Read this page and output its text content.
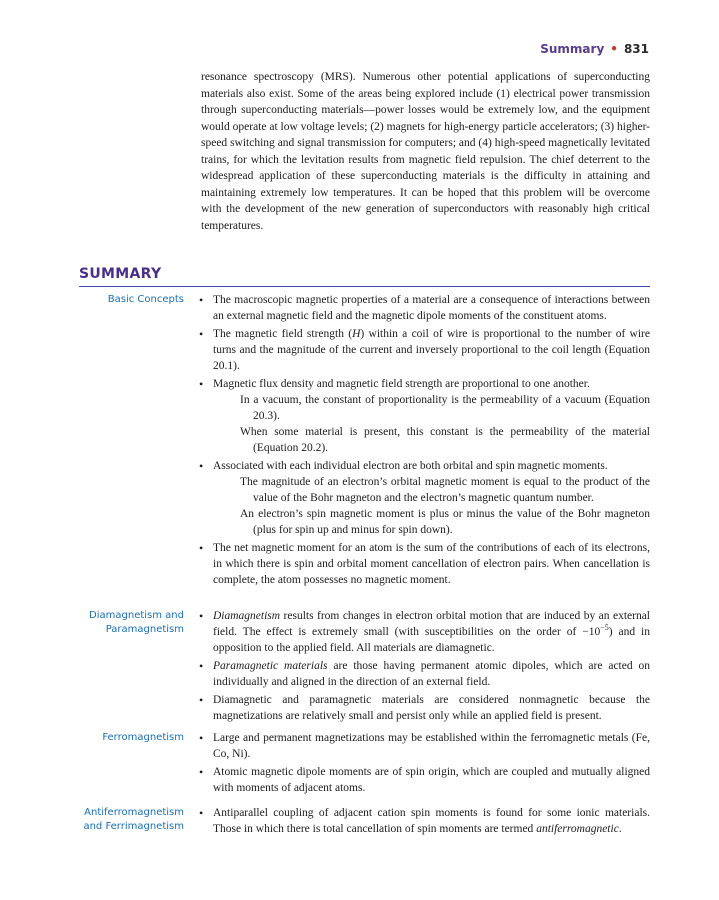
Summary • 831

resonance spectroscopy (MRS). Numerous other potential applications of superconducting materials also exist. Some of the areas being explored include (1) electrical power transmission through superconducting materials—power losses would be extremely low, and the equipment would operate at low voltage levels; (2) magnets for high-energy particle accelerators; (3) higher-speed switching and signal transmission for computers; and (4) high-speed magnetically levitated trains, for which the levitation results from magnetic field repulsion. The chief deterrent to the widespread application of these superconducting materials is the difficulty in attaining and maintaining extremely low temperatures. It can be hoped that this problem will be overcome with the development of the new generation of superconductors with reasonably high critical temperatures.

SUMMARY
Basic Concepts	• The macroscopic magnetic properties of a material are a consequence of interactions between an external magnetic field and the magnetic dipole moments of the constituent atoms.
• The magnetic field strength (H) within a coil of wire is proportional to the number of wire turns and the magnitude of the current and inversely proportional to the coil length (Equation 20.1).
• Magnetic flux density and magnetic field strength are proportional to one another.

In a vacuum, the constant of proportionality is the permeability of a vacuum (Equation 20.3).

When some material is present, this constant is the permeability of the material (Equation 20.2).

• Associated with each individual electron are both orbital and spin magnetic moments.

The magnitude of an electron’s orbital magnetic moment is equal to the product of the value of the Bohr magneton and the electron’s magnetic quantum number.

An electron’s spin magnetic moment is plus or minus the value of the Bohr magneton (plus for spin up and minus for spin down).

• The net magnetic moment for an atom is the sum of the contributions of each of its electrons, in which there is spin and orbital moment cancellation of electron pairs. When cancellation is complete, the atom possesses no magnetic moment.
Diamagnetism and
Paramagnetism
• Diamagnetism results from changes in electron orbital motion that are induced by an external field. The effect is extremely small (with susceptibilities on the order of $-10^{-5}$) and in opposition to the applied field. All materials are diamagnetic.
• Paramagnetic materials are those having permanent atomic dipoles, which are acted on individually and aligned in the direction of an external field.
• Diamagnetic and paramagnetic materials are considered nonmagnetic because the magnetizations are relatively small and persist only while an applied field is present.
Ferromagnetism	• Large and permanent magnetizations may be established within the ferromagnetic metals (Fe, Co, Ni).
• Atomic magnetic dipole moments are of spin origin, which are coupled and mutually aligned with moments of adjacent atoms.
Antiferromagnetism
and Ferrimagnetism
• Antiparallel coupling of adjacent cation spin moments is found for some ionic materials. Those in which there is total cancellation of spin moments are termed antiferromagnetic.
